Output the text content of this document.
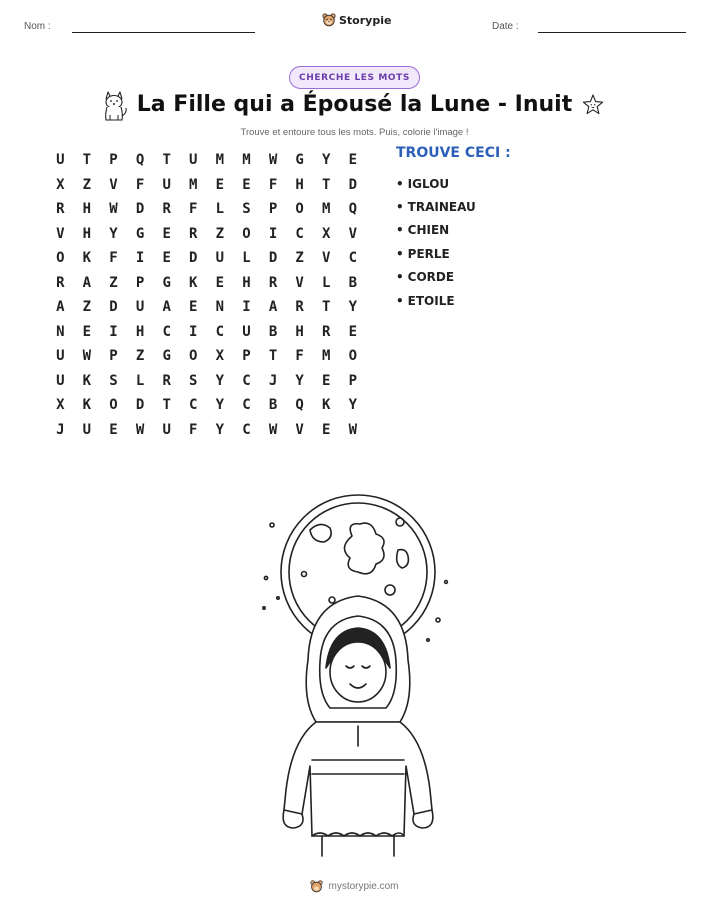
Nom :	Storypie	Date :
CHERCHE LES MOTS
La Fille qui a Épousé la Lune - Inuit
Trouve et entoure tous les mots. Puis, colorie l'image !
U	T	P	Q	T	U	M	M	W	G	Y	E
X	Z	V	F	U	M	E	E	F	H	T	D
R	H	W	D	R	F	L	S	P	O	M	Q
V	H	Y	G	E	R	Z	O	I	C	X	V
O	K	F	I	E	D	U	L	D	Z	V	C
R	A	Z	P	G	K	E	H	R	V	L	B
A	Z	D	U	A	E	N	I	A	R	T	Y
N	E	I	H	C	I	C	U	B	H	R	E
U	W	P	Z	G	O	X	P	T	F	M	O
U	K	S	L	R	S	Y	C	J	Y	E	P
X	K	O	D	T	C	Y	C	B	Q	K	Y
J	U	E	W	U	F	Y	C	W	V	E	W
TROUVE CECI :
• IGLOU
• TRAINEAU
• CHIEN
• PERLE
• CORDE
• ETOILE
mystorypie.com
